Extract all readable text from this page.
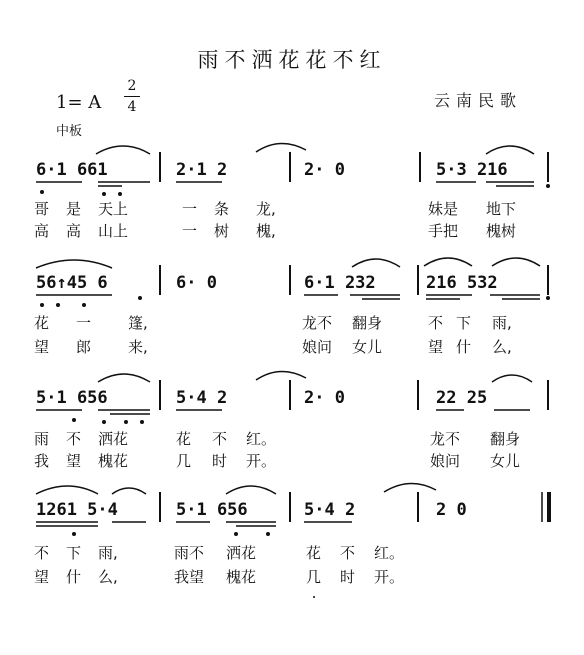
雨不洒花花不红
1= A
2
4
中板
云南民歌
6·1 661	2·1 2	2· 0	5·3 216
哥 是 天上	一 条 龙,	妹是 地下
高 高 山上	一 树 槐,	手把 槐树
56↑45 6	6· 0	6·1 232	216 532
花 一 篷,	龙不 翻身	不 下 雨,
望 郎 来,	娘问 女儿	望 什 么,
5·1 656	5·4 2	2· 0	22 25
雨 不 洒花	花 不 红。	龙不 翻身
我 望 槐花	几 时 开。	娘问 女儿
1261 5·4	5·1 656	5·4 2	2 0
不 下 雨,	雨不 洒花	花 不 红。
望 什 么,	我望 槐花	几 时 开。
